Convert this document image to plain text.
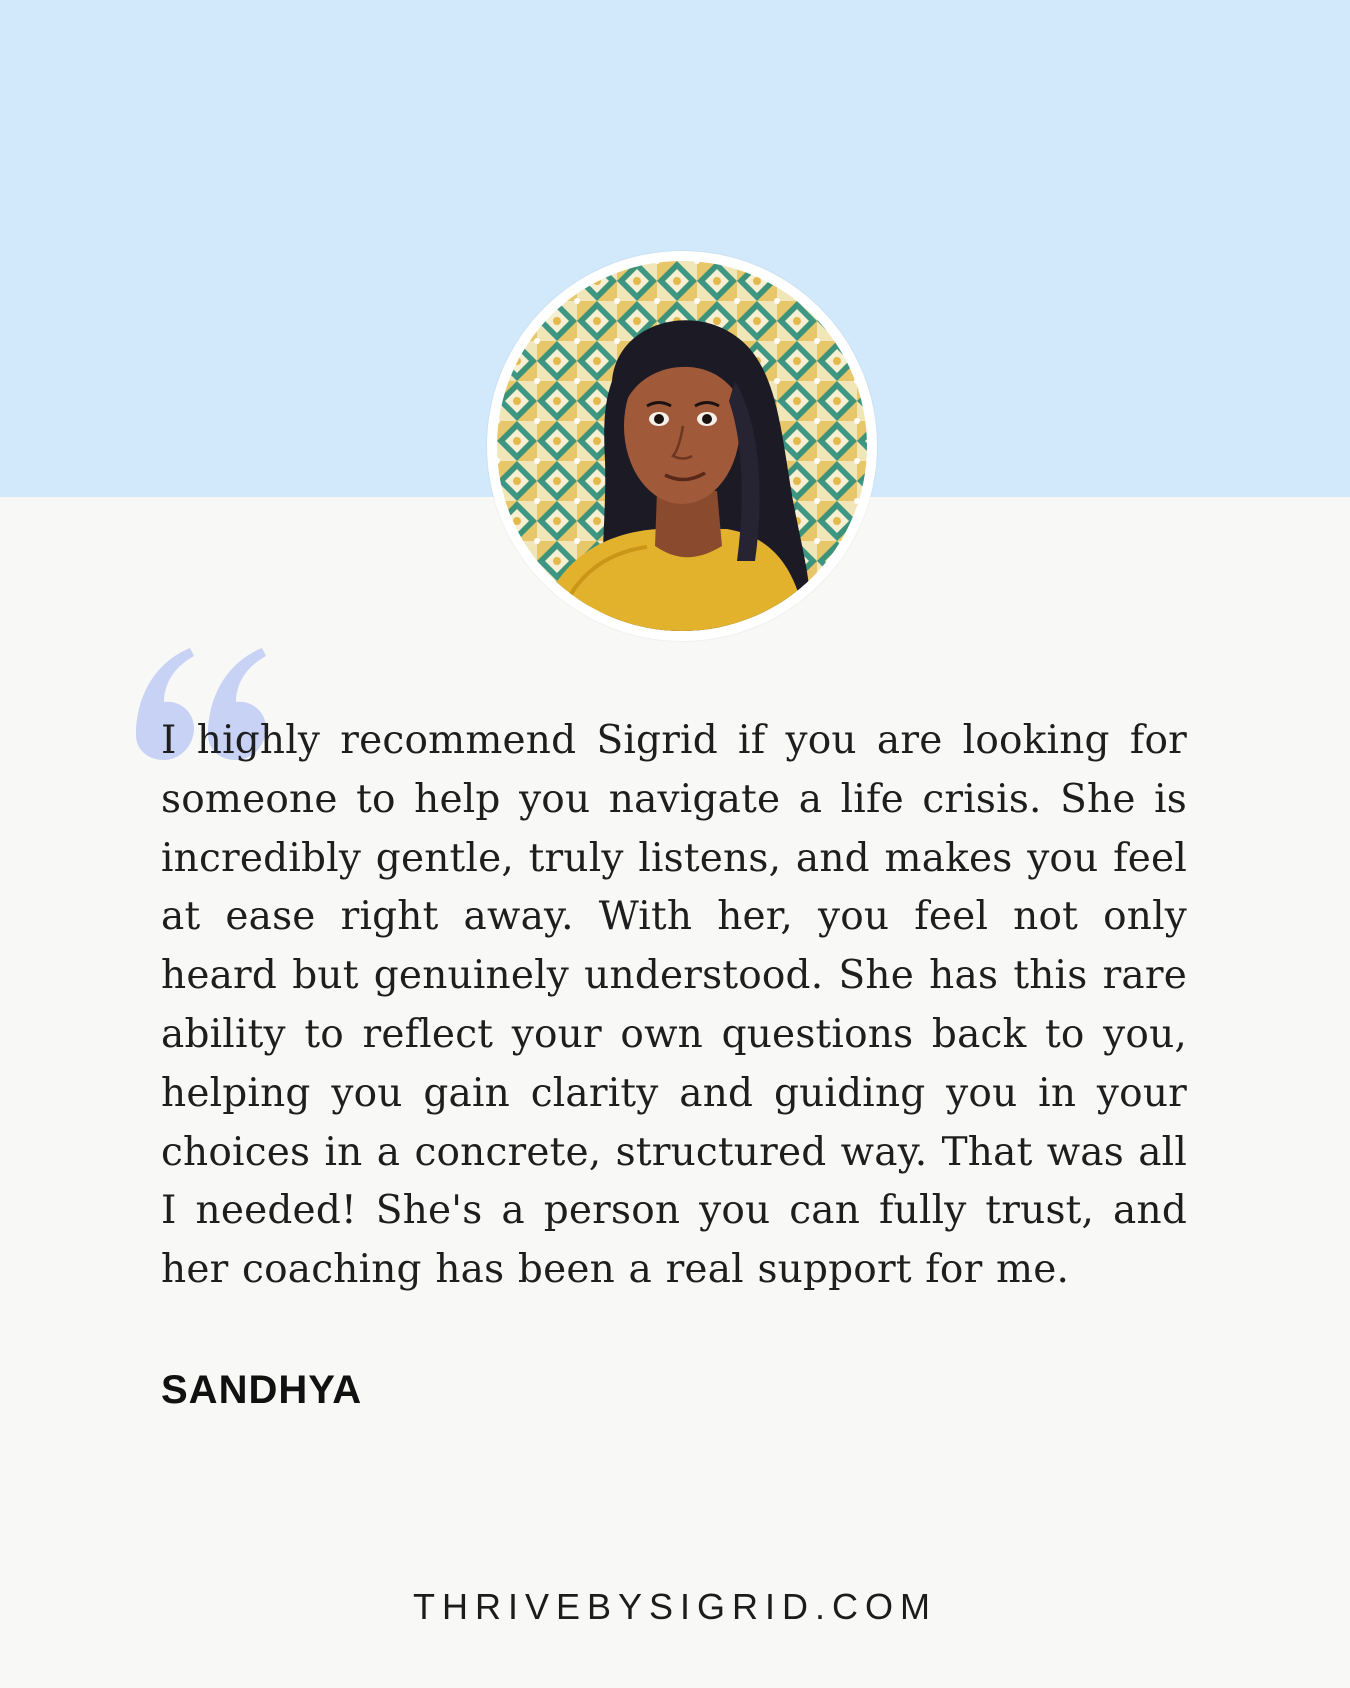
I highly recommend Sigrid if you are looking for someone to help you navigate a life crisis. She is incredibly gentle, truly listens, and makes you feel at ease right away. With her, you feel not only heard but genuinely understood. She has this rare ability to reflect your own questions back to you, helping you gain clarity and guiding you in your choices in a concrete, structured way. That was all I needed! She's a person you can fully trust, and her coaching has been a real support for me.

SANDHYA

THRIVEBYSIGRID.COM
